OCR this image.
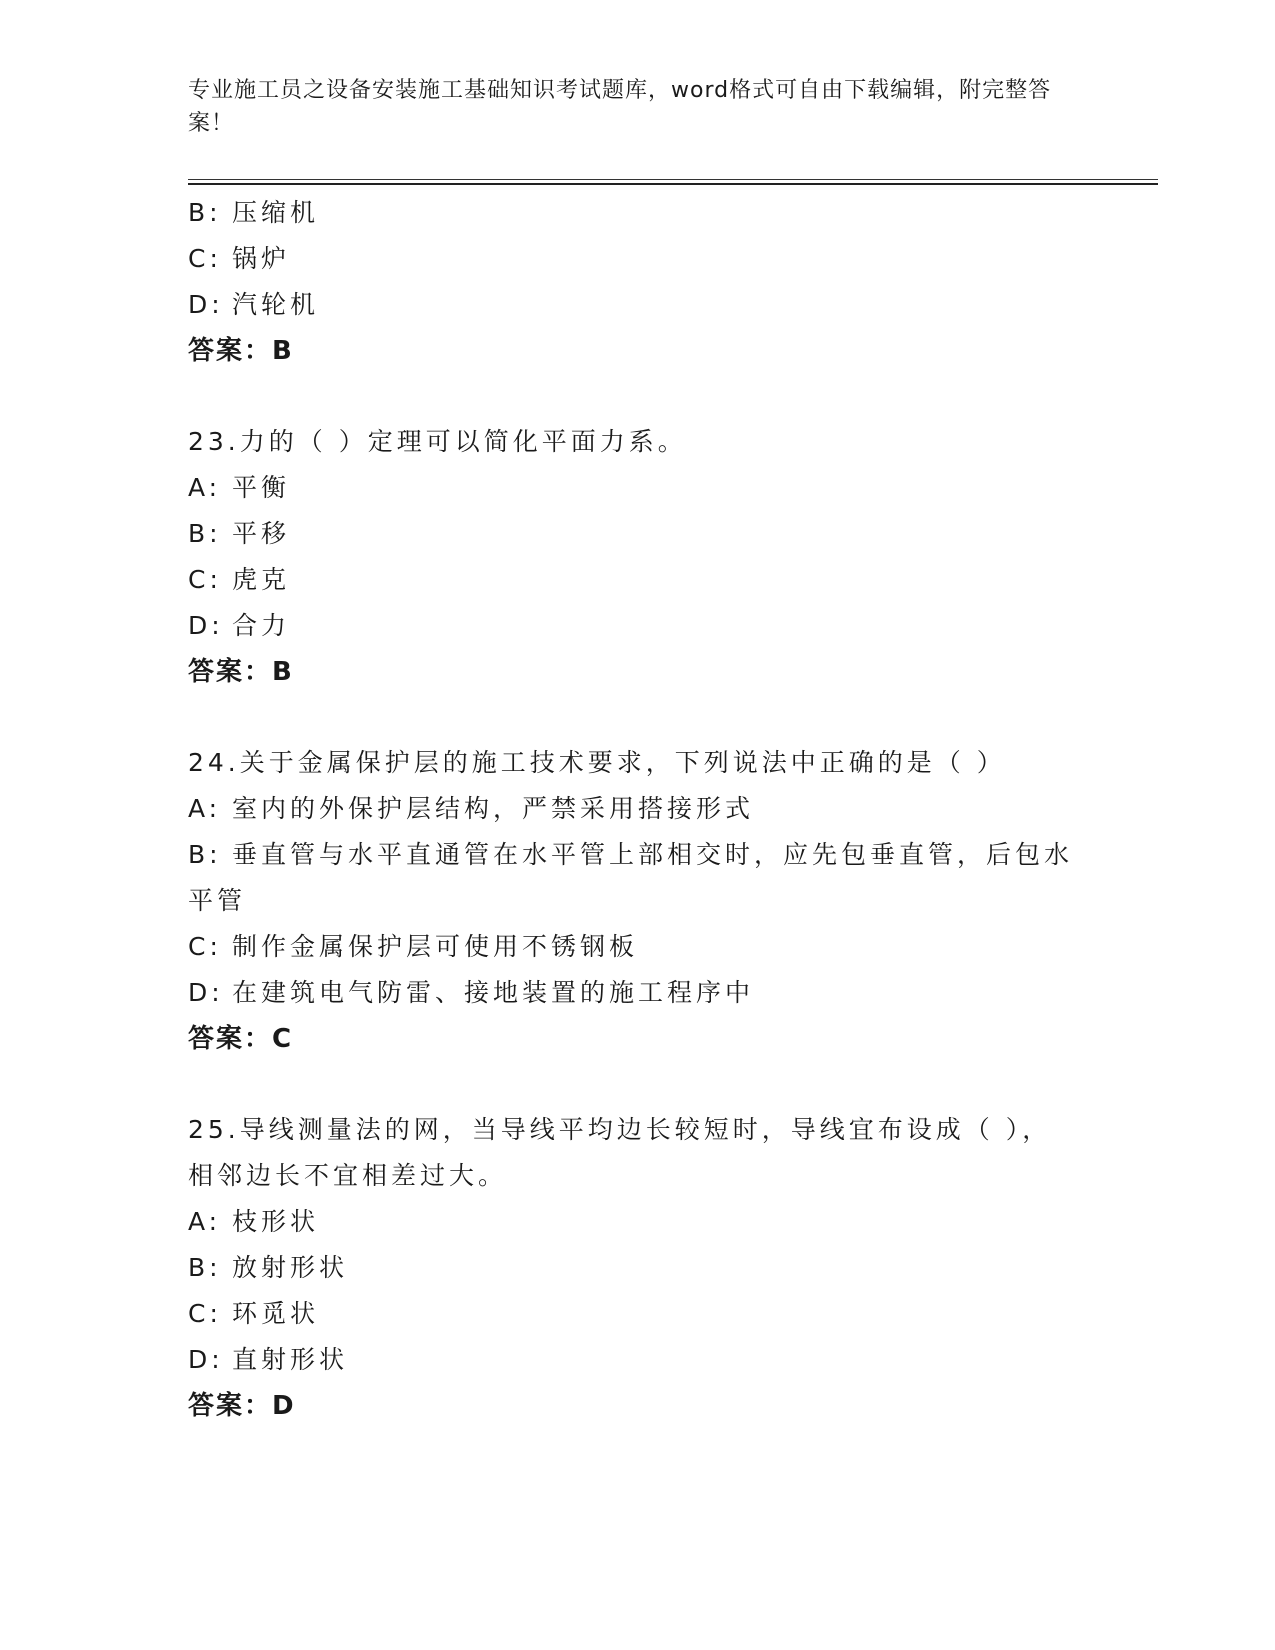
专业施工员之设备安装施工基础知识考试题库，word格式可自由下载编辑，附完整答案！
B: 压缩机
C: 锅炉
D: 汽轮机
答案：B
23.力的（ ）定理可以简化平面力系。
A: 平衡
B: 平移
C: 虎克
D: 合力
答案：B
24.关于金属保护层的施工技术要求，下列说法中正确的是（ ）
A: 室内的外保护层结构，严禁采用搭接形式
B: 垂直管与水平直通管在水平管上部相交时，应先包垂直管，后包水平管
C: 制作金属保护层可使用不锈钢板
D: 在建筑电气防雷、接地装置的施工程序中
答案：C
25.导线测量法的网，当导线平均边长较短时，导线宜布设成（ ），相邻边长不宜相差过大。
A: 枝形状
B: 放射形状
C: 环觅状
D: 直射形状
答案：D
